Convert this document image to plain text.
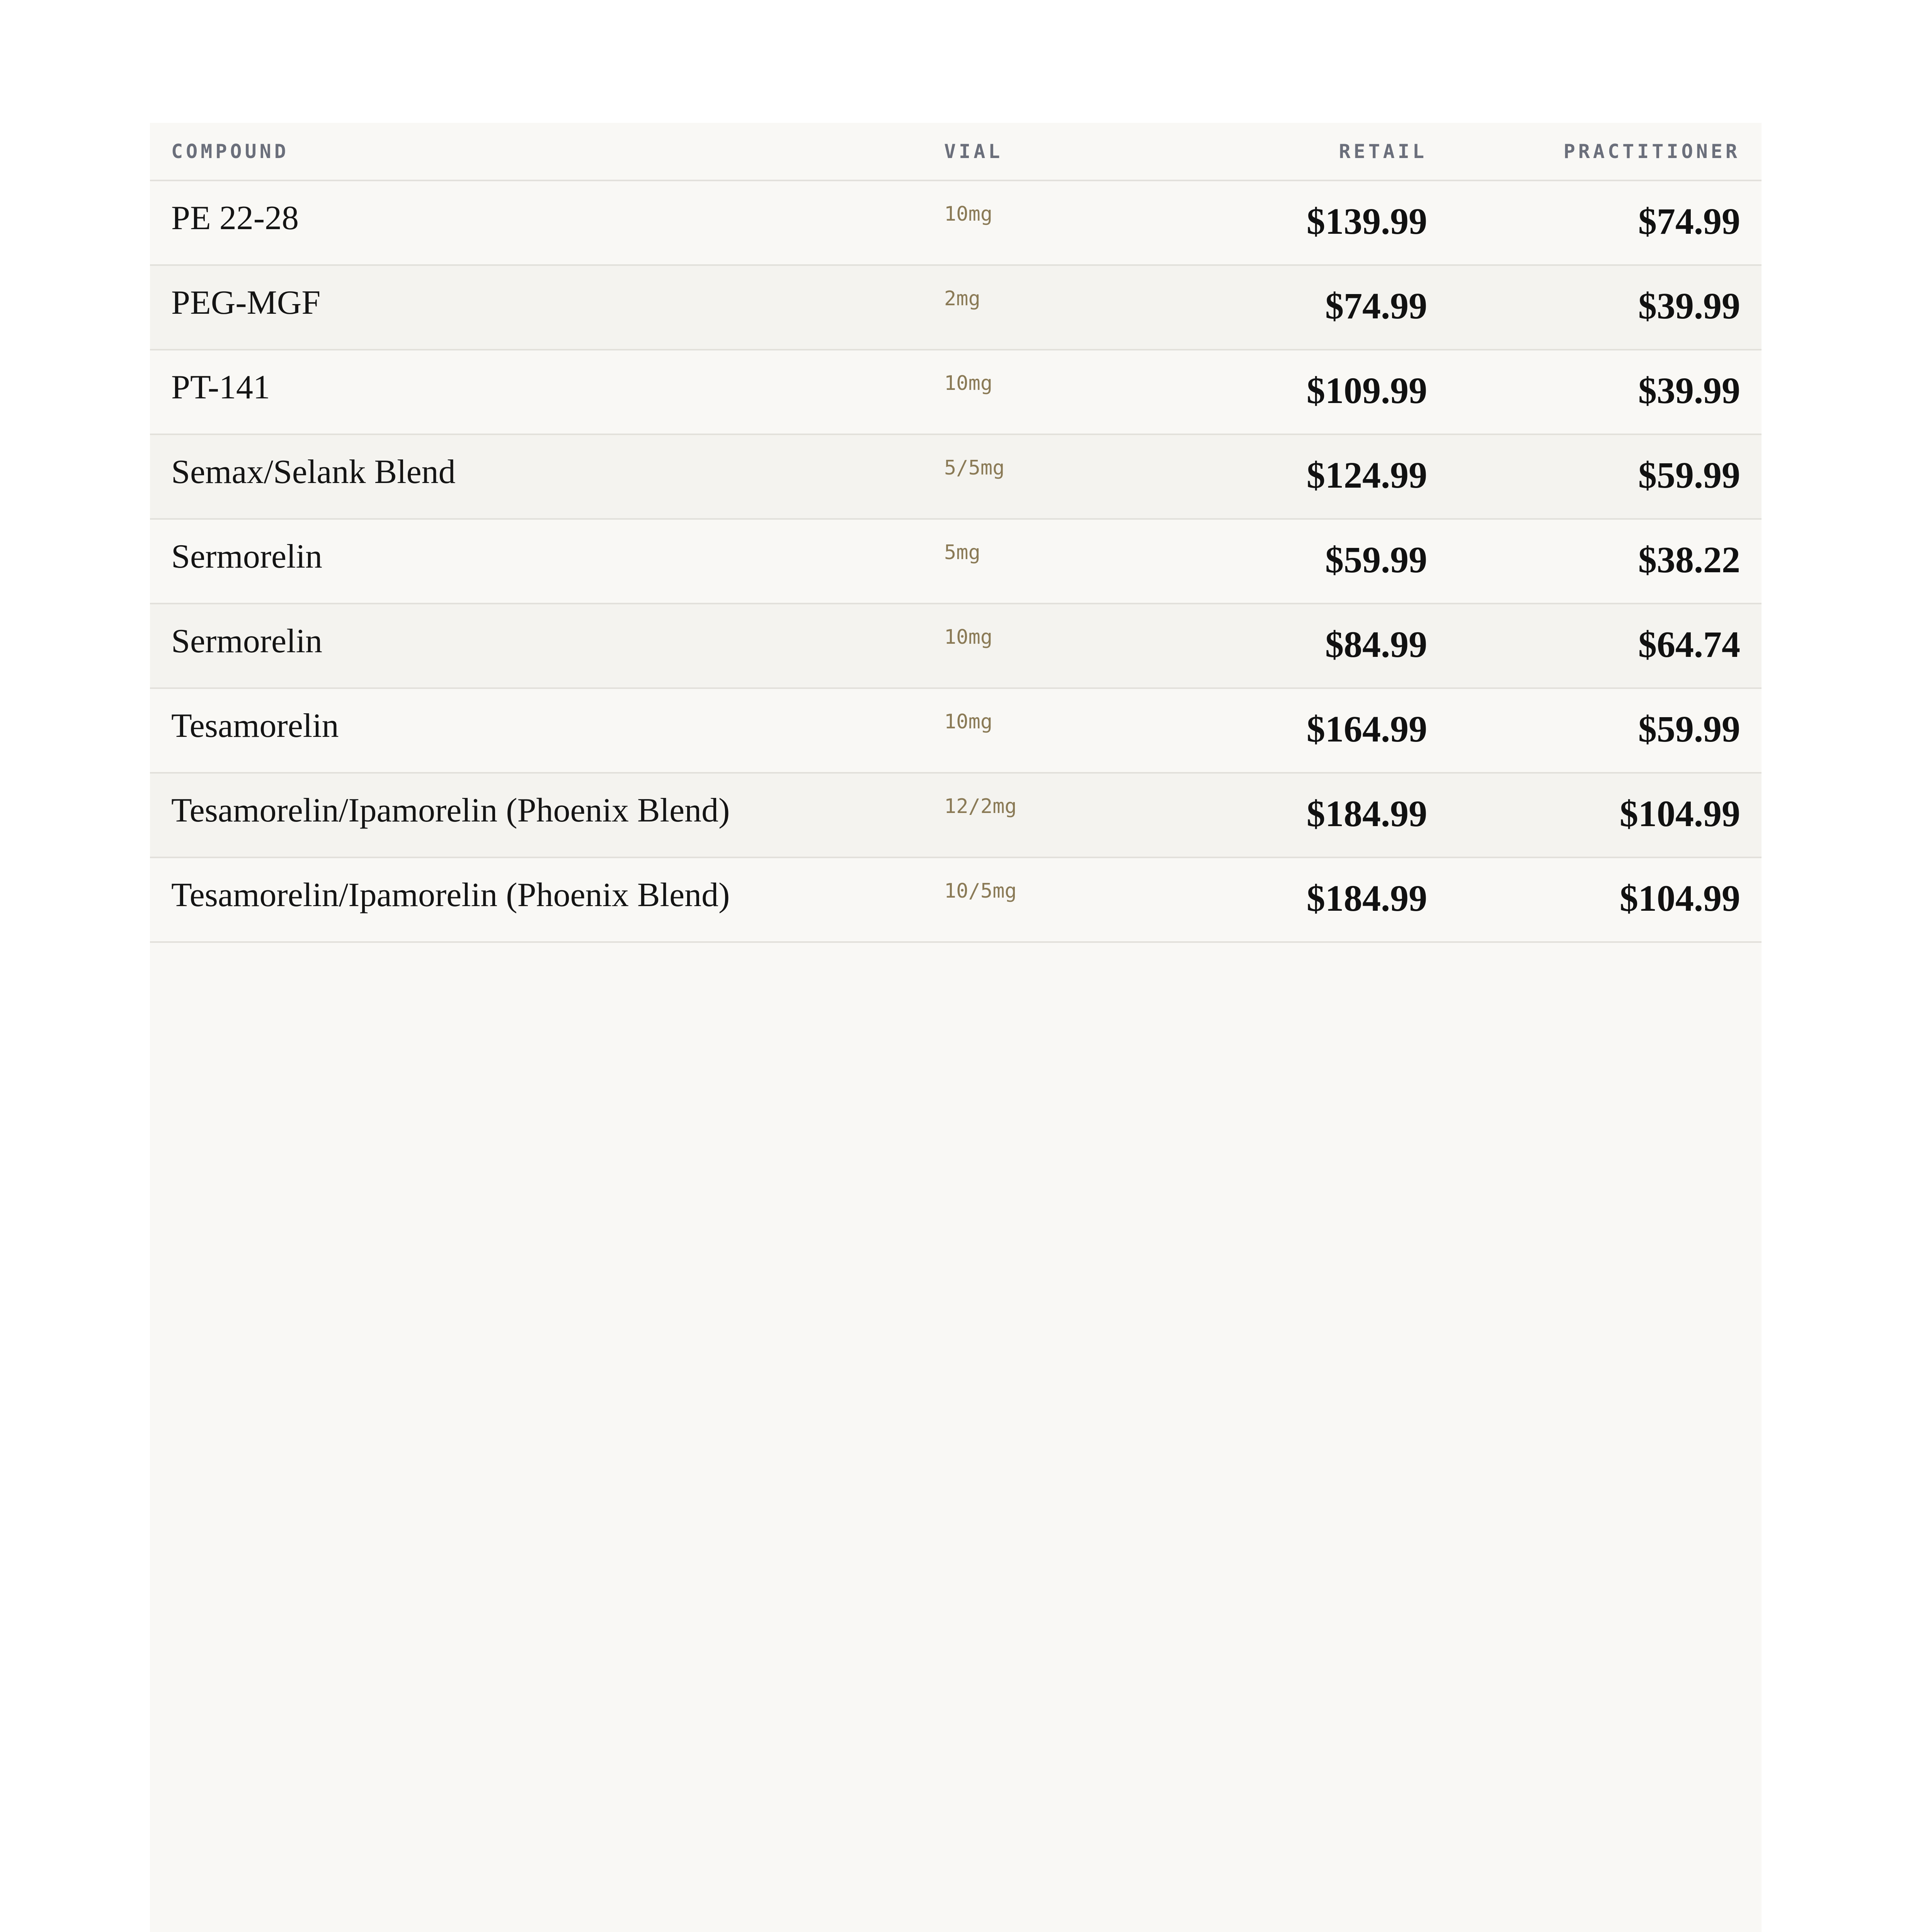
COMPOUND	VIAL	RETAIL	PRACTITIONER
PE 22-28	10mg	$139.99	$74.99
PEG-MGF	2mg	$74.99	$39.99
PT-141	10mg	$109.99	$39.99
Semax/Selank Blend	5/5mg	$124.99	$59.99
Sermorelin	5mg	$59.99	$38.22
Sermorelin	10mg	$84.99	$64.74
Tesamorelin	10mg	$164.99	$59.99
Tesamorelin/Ipamorelin (Phoenix Blend)	12/2mg	$184.99	$104.99
Tesamorelin/Ipamorelin (Phoenix Blend)	10/5mg	$184.99	$104.99
